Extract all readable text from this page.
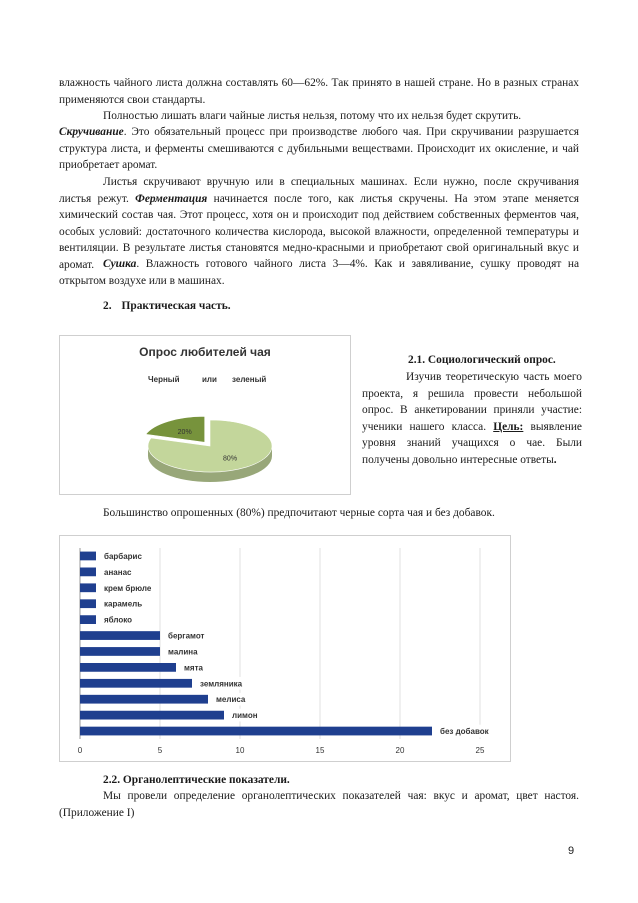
влажность чайного листа должна составлять 60—62%. Так принято в нашей стране. Но в разных странах применяются свои стандарты.

Полностью лишать влаги чайные листья нельзя, потому что их нельзя будет скрутить.

Скручивание. Это обязательный процесс при производстве любого чая. При скручивании разрушается структура листа, и ферменты смешиваются с дубильными веществами. Происходит их окисление, и чай приобретает аромат.

Листья скручивают вручную или в специальных машинах. Если нужно, после скручивания листья режут. Ферментация начинается после того, как листья скручены. На этом этапе меняется химический состав чая. Этот процесс, хотя он и происходит под действием собственных ферментов чая, особых условий: достаточного количества кислорода, высокой влажности, определенной температуры и вентиляции. В результате листья становятся медно-красными и приобретают свой оригинальный вкус и аромат. Сушка. Влажность готового чайного листа 3—4%. Как и завяливание, сушку проводят на открытом воздухе или в машинах.

2. Практическая часть.
Опрос любителей чая
Черный	или зеленый
80%
20%

2.1. Социологический опрос.

Изучив теоретическую часть моего проекта, я решила провести небольшой опрос. В анкетировании приняли участие: ученики нашего класса. Цель: выявление уровня знаний учащихся о чае. Были получены довольно интересные ответы.

Большинство опрошенных (80%) предпочитают черные сорта чая и без добавок.

0	5	10	15	20	25
барбарис
ананас
крем брюле
карамель
яблоко
бергамот
малина
мята
земляника
мелиса
лимон
без добавок

2.2. Органолептические показатели.

Мы провели определение органолептических показателей чая: вкус и аромат, цвет настоя. (Приложение I)

9
